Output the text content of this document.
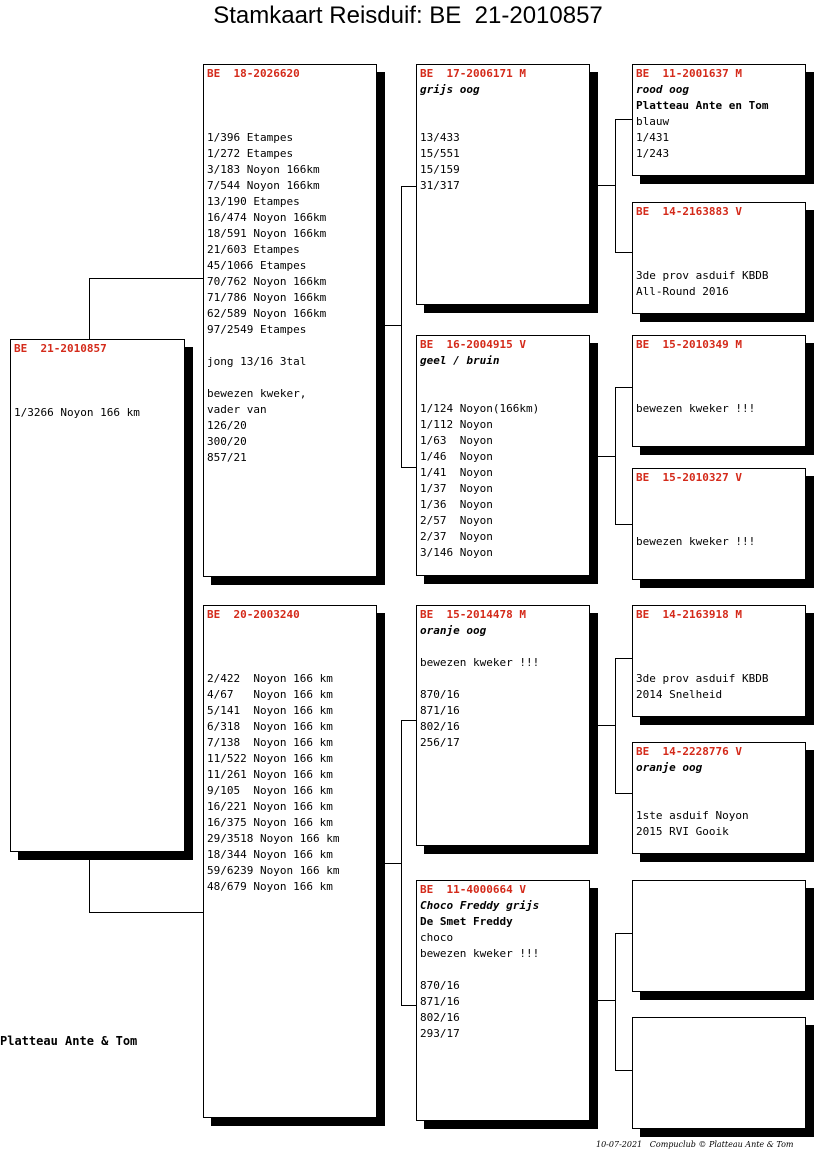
Stamkaart Reisduif: BE  21-2010857
BE  21-2010857
1/3266 Noyon 166 km
BE  18-2026620
1/396 Etampes
1/272 Etampes
3/183 Noyon 166km
7/544 Noyon 166km
13/190 Etampes
16/474 Noyon 166km
18/591 Noyon 166km
21/603 Etampes
45/1066 Etampes
70/762 Noyon 166km
71/786 Noyon 166km
62/589 Noyon 166km
97/2549 Etampes
jong 13/16 3tal
bewezen kweker,
vader van
126/20
300/20
857/21
BE  20-2003240
2/422  Noyon 166 km
4/67   Noyon 166 km
5/141  Noyon 166 km
6/318  Noyon 166 km
7/138  Noyon 166 km
11/522 Noyon 166 km
11/261 Noyon 166 km
9/105  Noyon 166 km
16/221 Noyon 166 km
16/375 Noyon 166 km
29/3518 Noyon 166 km
18/344 Noyon 166 km
59/6239 Noyon 166 km
48/679 Noyon 166 km
BE  17-2006171 M
grijs oog
13/433
15/551
15/159
31/317
BE  16-2004915 V
geel / bruin
1/124 Noyon(166km)
1/112 Noyon
1/63  Noyon
1/46  Noyon
1/41  Noyon
1/37  Noyon
1/36  Noyon
2/57  Noyon
2/37  Noyon
3/146 Noyon
BE  15-2014478 M
oranje oog
bewezen kweker !!!
870/16
871/16
802/16
256/17
BE  11-4000664 V
Choco Freddy grijs
De Smet Freddy
choco
bewezen kweker !!!
870/16
871/16
802/16
293/17
BE  11-2001637 M
rood oog
Platteau Ante en Tom
blauw
1/431
1/243
BE  14-2163883 V
3de prov asduif KBDB
All-Round 2016
BE  15-2010349 M
bewezen kweker !!!
BE  15-2010327 V
bewezen kweker !!!
BE  14-2163918 M
3de prov asduif KBDB
2014 Snelheid
BE  14-2228776 V
oranje oog
1ste asduif Noyon
2015 RVI Gooik
Platteau Ante & Tom
10-07-2021   Compuclub © Platteau Ante & Tom
